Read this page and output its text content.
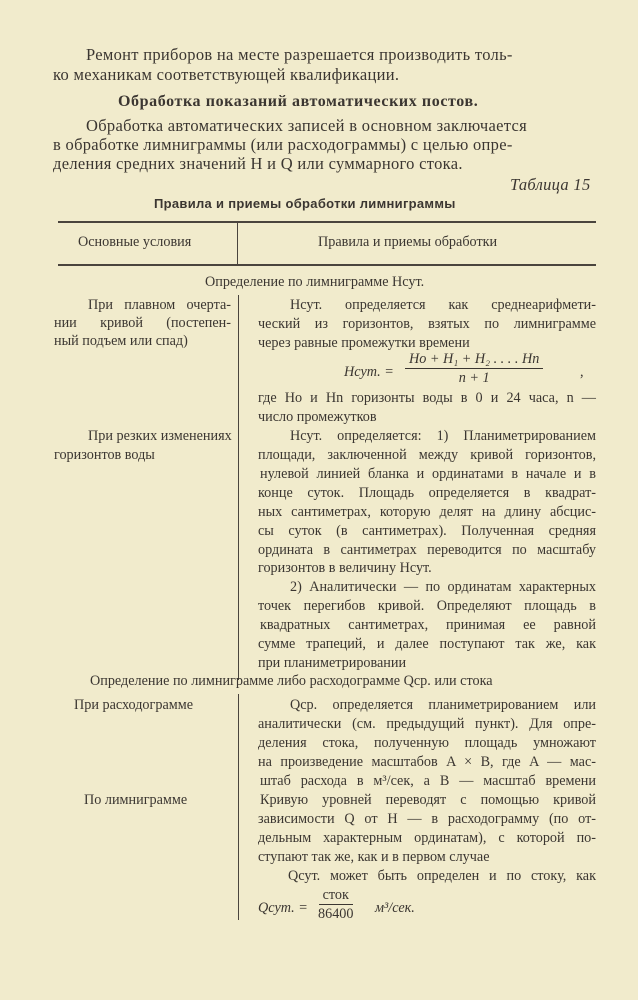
Ремонт приборов на месте разрешается производить толь-
ко механикам соответствующей квалификации.
Обработка показаний автоматических постов.
Обработка автоматических записей в основном заключается
в обработке лимниграммы (или расходограммы) с целью опре-
деления средних значений H и Q или суммарного стока.
Таблица 15
Правила и приемы обработки лимниграммы
Основные условия	Правила и приемы обработки
Определение по лимниграмме Hсут.
При плавном очерта-
нии кривой (постепен-
ный подъем или спад)
При резких изменениях
горизонтов воды
Hсут. определяется как среднеарифмети-
ческий из горизонтов, взятых по лимниграмме
через равные промежутки времени
Hсут. = $\frac{\text{Ho + H₁ + H₂ . . . . Hn}}{n + 1}$	,
где Ho и Hn горизонты воды в 0 и 24 часа, n —
число промежутков
Hсут. определяется: 1) Планиметрированием
площади, заключенной между кривой горизонтов,
нулевой линией бланка и ординатами в начале и в
конце суток. Площадь определяется в квадрат-
ных сантиметрах, которую делят на длину абсцис-
сы суток (в сантиметрах). Полученная средняя
ордината в сантиметрах переводится по масштабу
горизонтов в величину Hсут.
2) Аналитически — по ординатам характерных
точек перегибов кривой. Определяют площадь в
квадратных сантиметрах, принимая ее равной
сумме трапеций, и далее поступают так же, как
при планиметрировании
Определение по лимниграмме либо расходограмме Qср. или стока
При расходограмме
По лимниграмме
Qср. определяется планиметрированием или
аналитически (см. предыдущий пункт). Для опре-
деления стока, полученную площадь умножают
на произведение масштабов A × B, где A — мас-
штаб расхода в м³/сек, а B — масштаб времени
Кривую уровней переводят с помощью кривой
зависимости Q от H — в расходограмму (по от-
дельным характерным ординатам), с которой по-
ступают так же, как и в первом случае
Qсут. может быть определен и по стоку, как
Qсут. =
сток
86400 м³/сек.
